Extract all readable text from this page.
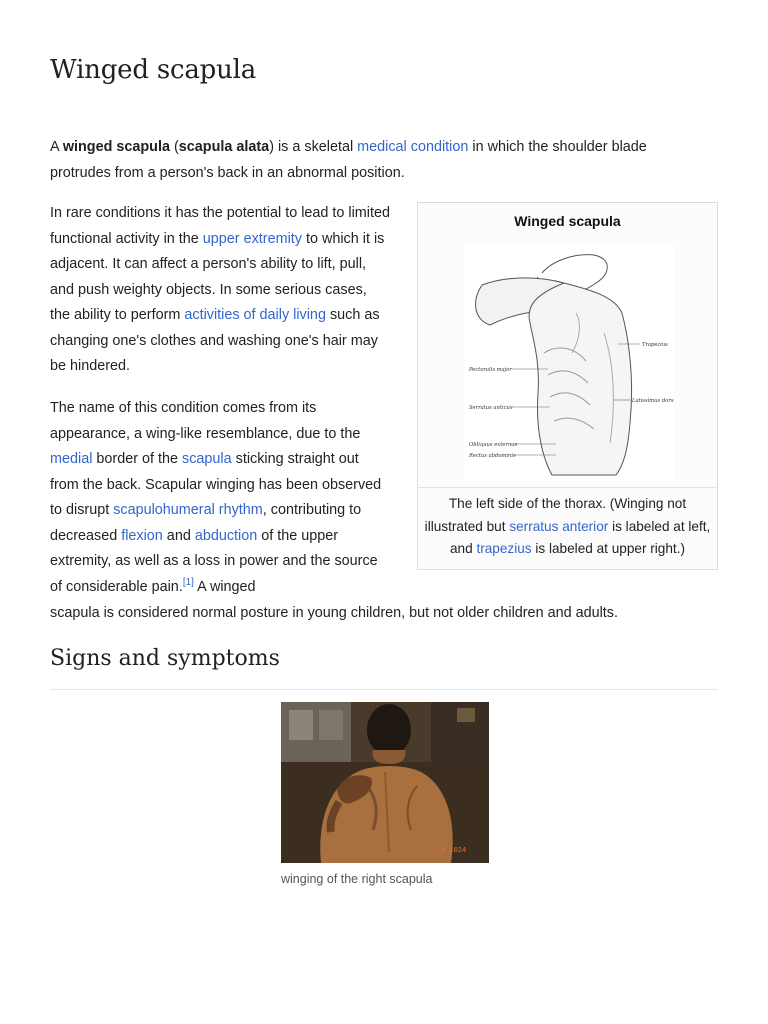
Winged scapula

A winged scapula (scapula alata) is a skeletal medical condition in which the shoulder blade protrudes from a person's back in an abnormal position.

In rare conditions it has the potential to lead to limited functional activity in the upper extremity to which it is adjacent. It can affect a person's ability to lift, pull, and push weighty objects. In some serious cases, the ability to perform activities of daily living such as changing one's clothes and washing one's hair may be hindered.

The name of this condition comes from its appearance, a wing-like resemblance, due to the medial border of the scapula sticking straight out from the back. Scapular winging has been observed to disrupt scapulohumeral rhythm, contributing to decreased flexion and abduction of the upper extremity, as well as a loss in power and the source of considerable pain.[1] A winged

scapula is considered normal posture in young children, but not older children and adults.

Winged scapula
Trapezius
Pectoralis major
Latissimus dorsi
Serratus anticus
Obliquus externus
Rectus abdominis
The left side of the thorax. (Winging not illustrated but serratus anterior is labeled at left, and trapezius is labeled at upper right.)
Signs and symptoms
6 1024
winging of the right scapula
